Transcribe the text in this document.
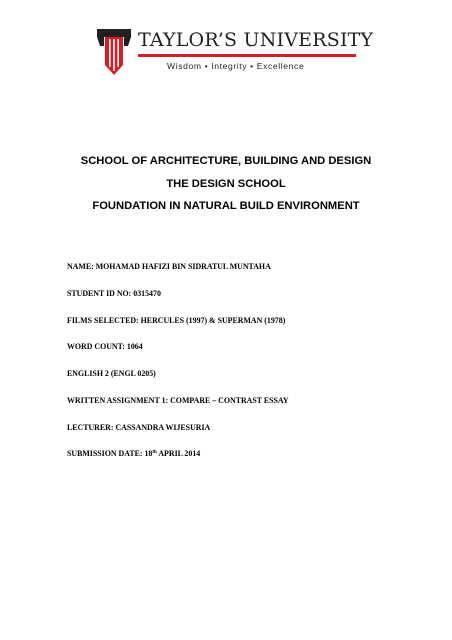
TAYLOR’S UNIVERSITY
Wisdom • Integrity • Excellence
SCHOOL OF ARCHITECTURE, BUILDING AND DESIGN
THE DESIGN SCHOOL
FOUNDATION IN NATURAL BUILD ENVIRONMENT
NAME: MOHAMAD HAFIZI BIN SIDRATUL MUNTAHA
STUDENT ID NO: 0315470
FILMS SELECTED: HERCULES (1997) & SUPERMAN (1978)
WORD COUNT: 1064
ENGLISH 2 (ENGL 0205)
WRITTEN ASSIGNMENT 1: COMPARE – CONTRAST ESSAY
LECTURER: CASSANDRA WIJESURIA
SUBMISSION DATE: 18th APRIL 2014
